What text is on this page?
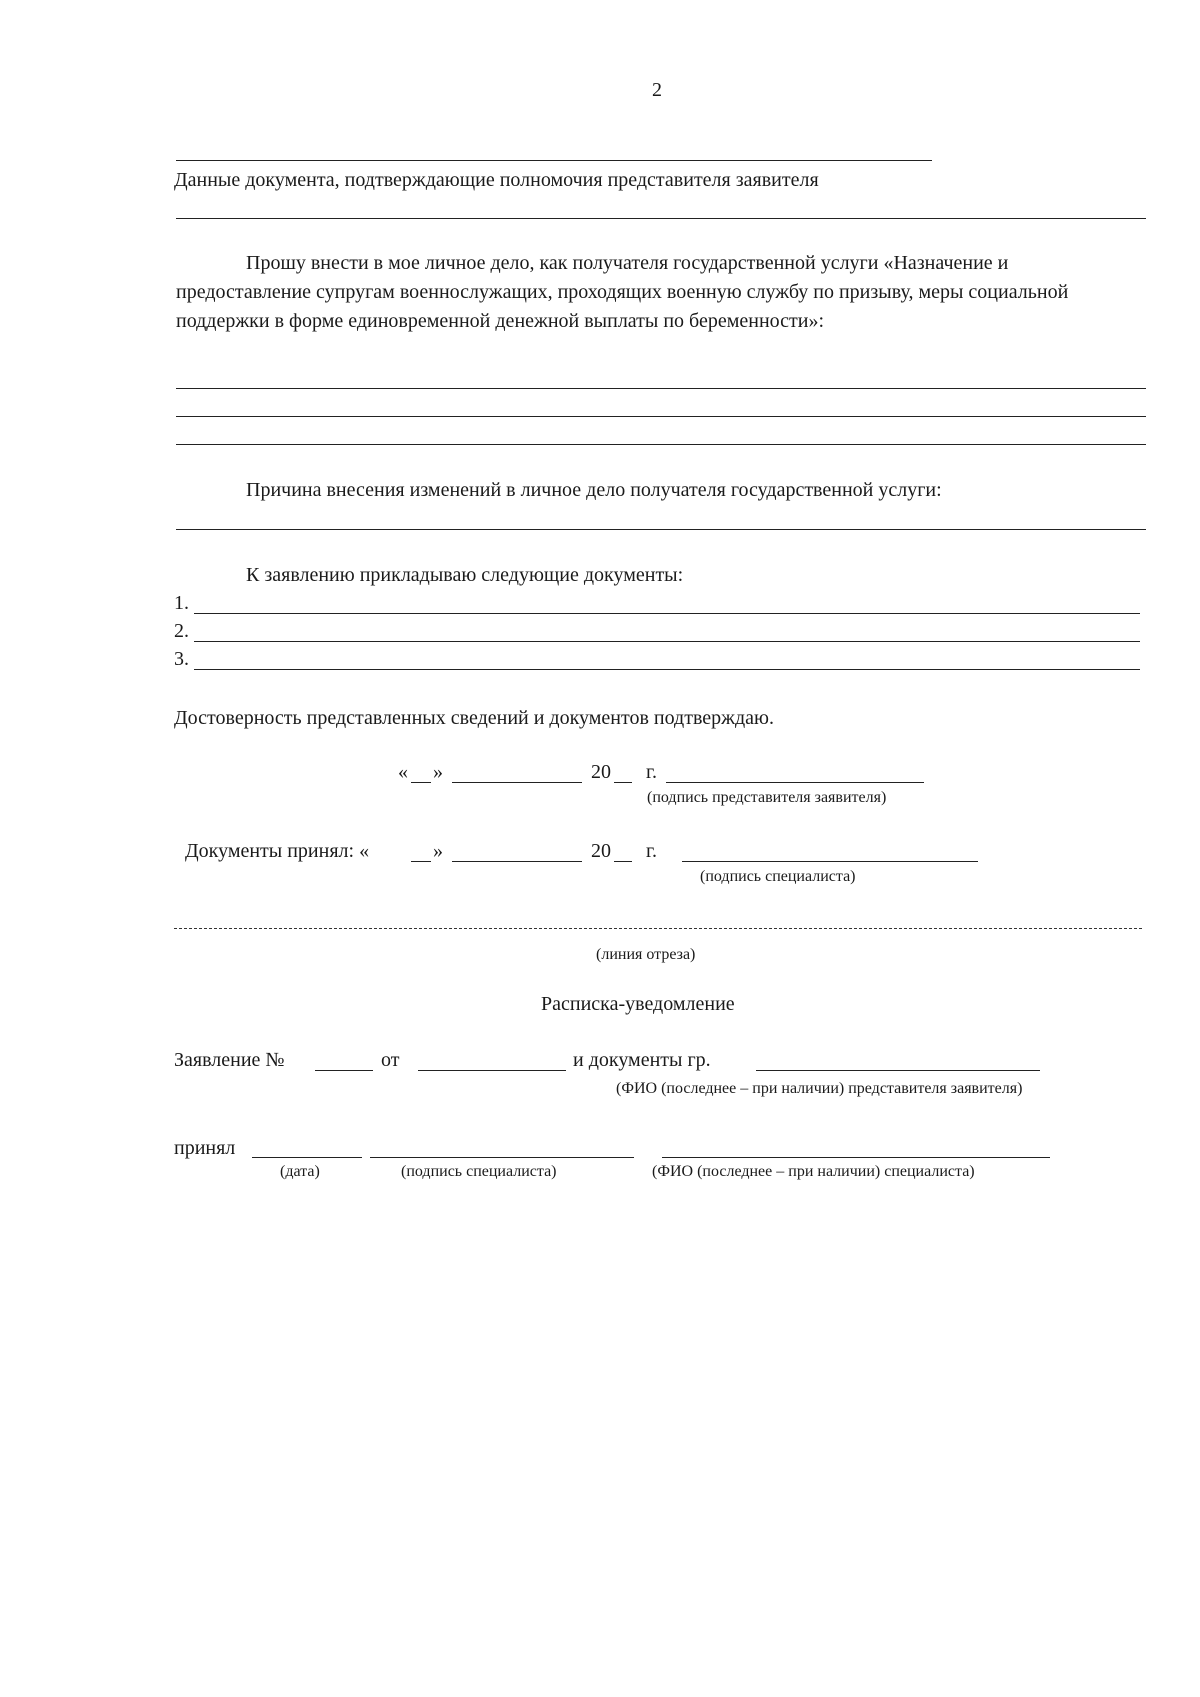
2
Данные документа, подтверждающие полномочия представителя заявителя
Прошу внести в мое личное дело, как получателя государственной услуги «Назначение и предоставление супругам военнослужащих, проходящих военную службу по призыву, меры социальной поддержки в форме единовременной денежной выплаты по беременности»:
Причина внесения изменений в личное дело получателя государственной услуги:
К заявлению прикладываю следующие документы:
1.
2.
3.
Достоверность представленных сведений и документов подтверждаю.
« »	20 г.
(подпись представителя заявителя)
Документы принял: «	»	20 г.
(подпись специалиста)
(линия отреза)
Расписка-уведомление
Заявление №	от	и документы гр.
(ФИО (последнее – при наличии) представителя заявителя)
принял
(дата)	(подпись специалиста)	(ФИО (последнее – при наличии) специалиста)
